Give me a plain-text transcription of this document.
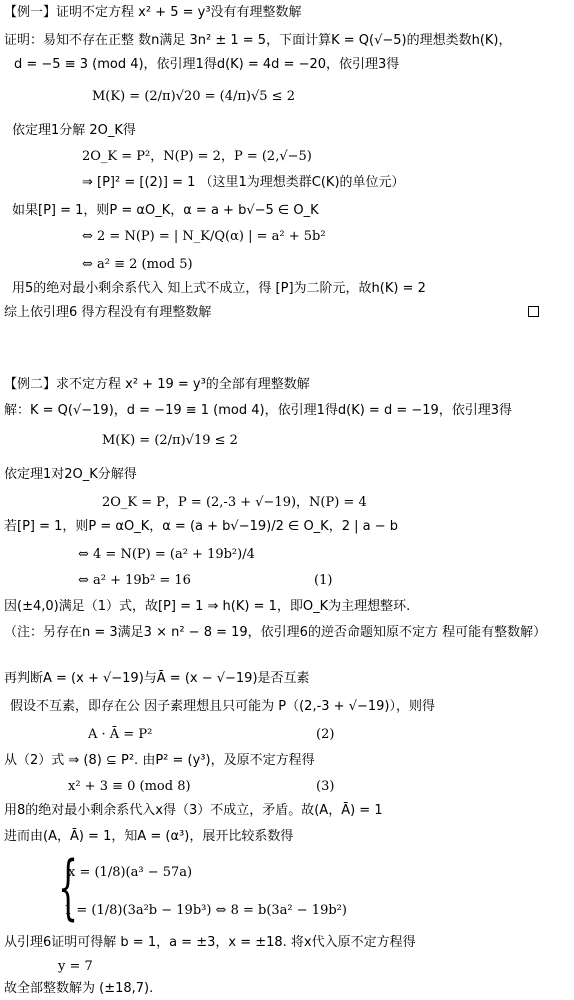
【例一】证明不定方程 x² + 5 = y³没有有理整数解
证明：易知不存在正整 数n满足 3n² ± 1 = 5，下面计算K = Q(√−5)的理想类数h(K)，
d = −5 ≡ 3 (mod 4)，依引理1得d(K) = 4d = −20，依引理3得
M(K) = (2/π)√20 = (4/π)√5 ≤ 2
依定理1分解 2O_K得
2O_K = P²，N(P) = 2，P = (2,√−5)
⇒ [P]² = [(2)] = 1 （这里1为理想类群C(K)的单位元）
如果[P] = 1，则P = αO_K，α = a + b√−5 ∈ O_K
⇔ 2 = N(P) = | N_K/Q(α) | = a² + 5b²
⇔ a² ≡ 2 (mod 5)
用5的绝对最小剩余系代入 知上式不成立，得 [P]为二阶元，故h(K) = 2
综上依引理6 得方程没有有理整数解
【例二】求不定方程 x² + 19 = y³的全部有理整数解
解：K = Q(√−19)，d = −19 ≡ 1 (mod 4)，依引理1得d(K) = d = −19，依引理3得
M(K) = (2/π)√19 ≤ 2
依定理1对2O_K分解得
2O_K = P，P = (2,-3 + √−19)，N(P) = 4
若[P] = 1，则P = αO_K，α = (a + b√−19)/2 ∈ O_K，2 | a − b
⇔ 4 = N(P) = (a² + 19b²)/4
⇔ a² + 19b² = 16	(1)
因(±4,0)满足（1）式，故[P] = 1 ⇒ h(K) = 1，即O_K为主理想整环.
（注：另存在n = 3满足3 × n² − 8 = 19，依引理6的逆否命题知原不定方 程可能有整数解）
再判断A = (x + √−19)与Ā = (x − √−19)是否互素
假设不互素，即存在公 因子素理想且只可能为 P（(2,-3 + √−19)），则得
A · Ā = P²	(2)
从（2）式 ⇒ (8) ⊆ P². 由P² = (y³)，及原不定方程得
x² + 3 ≡ 0 (mod 8)	(3)
用8的绝对最小剩余系代入x得（3）不成立，矛盾。故(A，Ā) = 1
进而由(A，Ā) = 1，知A = (α³)，展开比较系数得
{
x = (1/8)(a³ − 57a)
1 = (1/8)(3a²b − 19b³) ⇔ 8 = b(3a² − 19b²)
从引理6证明可得解 b = 1，a = ±3，x = ±18. 将x代入原不定方程得
y = 7
故全部整数解为 (±18,7).
